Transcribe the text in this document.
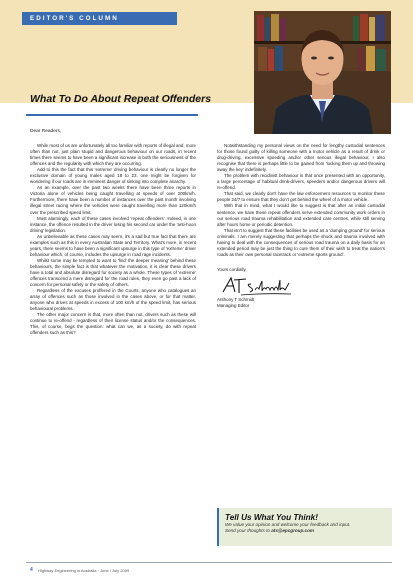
EDITOR'S COLUMN
What To Do About Repeat Offenders
Dear Readers,

While most of us are unfortunately all too familiar with reports of illegal and, more often than not, just plain stupid and dangerous behaviour on our roads, in recent times there seems to have been a significant increase in both the seriousness of the offences and the regularity with which they are occurring.

Add to this the fact that this 'extreme' driving behaviour is clearly no longer the exclusive domain of young males aged 18 to 23, one might be forgiven for wondering if our roads are in imminent danger of sinking into complete anarchy.

As an example, over the past two weeks there have been three reports in Victoria alone of vehicles being caught travelling at speeds of over 200km/h. Furthermore, there have been a number of instances over the past month involving illegal street racing where the vehicles were caught travelling more than 120km/h over the prescribed speed limit.

Most alarmingly, each of these cases involved 'repeat offenders'. Indeed, in one instance, the offence resulted in the driver losing his second car under the 'anti-hoon driving' legislation.

As unbelievable as these cases may seem, it's a sad but true fact that there are examples such as this in every Australian State and Territory. What's more, in recent years, there seems to have been a significant upsurge in this type of 'extreme' driver behaviour which, of course, includes the upsurge in road rage incidents.

Whilst some may be tempted to want to 'find' the deeper meaning' behind these behaviours, the simple fact is that whatever the motivation, it is clear these drivers have a total and absolute disregard for society as a whole. These types of 'extreme' offences transcend a mere disregard for the road rules, they even go past a lack of concern for personal safety or the safety of others.

Regardless of the excuses proffered in the Courts, anyone who catalogues an array of offences such as those involved in the cases above, or for that matter, anyone who drives at speeds in excess of 100 km/h of the speed limit, has serious behavioural problems.

The other major concern is that, more often than not, drivers such as these will continue to re-offend - regardless of their license status and/or the consequences. This, of course, begs the question: what can we, as a society, do with repeat offenders such as this?

Notwithstanding my personal views on the need for lengthy custodial sentences for those found guilty of killing someone with a motor vehicle as a result of drink or drug-driving, excessive speeding and/or other serious illegal behaviour, I also recognise that there is perhaps little to be gained from 'locking them up and throwing away the key' indefinitely.

The problem with recidivist behaviour is that once presented with an opportunity, a large percentage of habitual drink-drivers, speeders and/or dangerous drivers will re-offend.

That said, we clearly don't have the law enforcement resources to monitor these people 24/7 to ensure that they don't get behind the wheel of a motor vehicle.

With that in mind, what I would like to suggest is that after an initial custodial sentence, we have these repeat offenders serve extended community work orders in our serious road trauma rehabilitation and extended care centres, while still serving after hours home or periodic detention.

That isn't to suggest that these facilities be used as a 'dumping ground' for serious criminals. I am merely suggesting that perhaps the shock and trauma involved with having to deal with the consequences of serious road trauma on a daily basis for an extended period may be just the thing to cure them of their wish to treat the nation's roads as their own personal racetrack or 'extreme sports ground'.

Yours cordially,

Anthony T Schmidt

Managing Editor

Tell Us What You Think!
We value your opinion and welcome your feedback and input.
Send your thoughts to ats@epcgroup.com
4 Highway Engineering in Australia · June / July 2009
